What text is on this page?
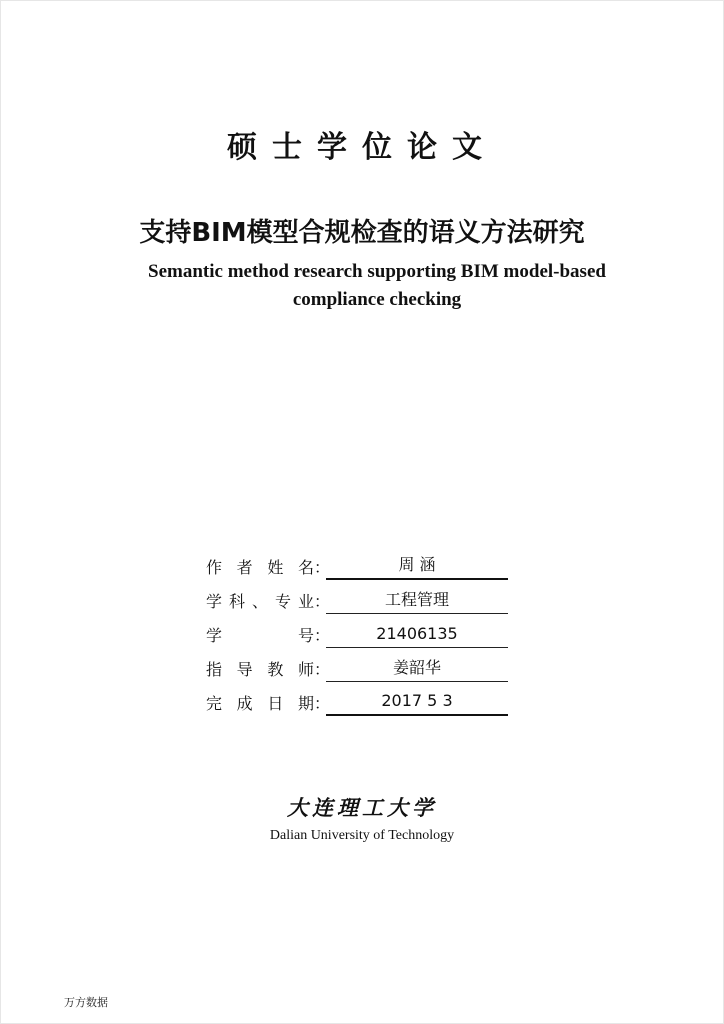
硕士学位论文
支持BIM模型合规检查的语义方法研究
Semantic method research supporting BIM model-based
compliance checking
作者姓名 ：	周 涵
学科、专业 ：	工程管理
学号 ：	21406135
指导教师 ：	姜韶华
完成日期 ：	2017 5 3
大连理工大学
Dalian University of Technology
万方数据
